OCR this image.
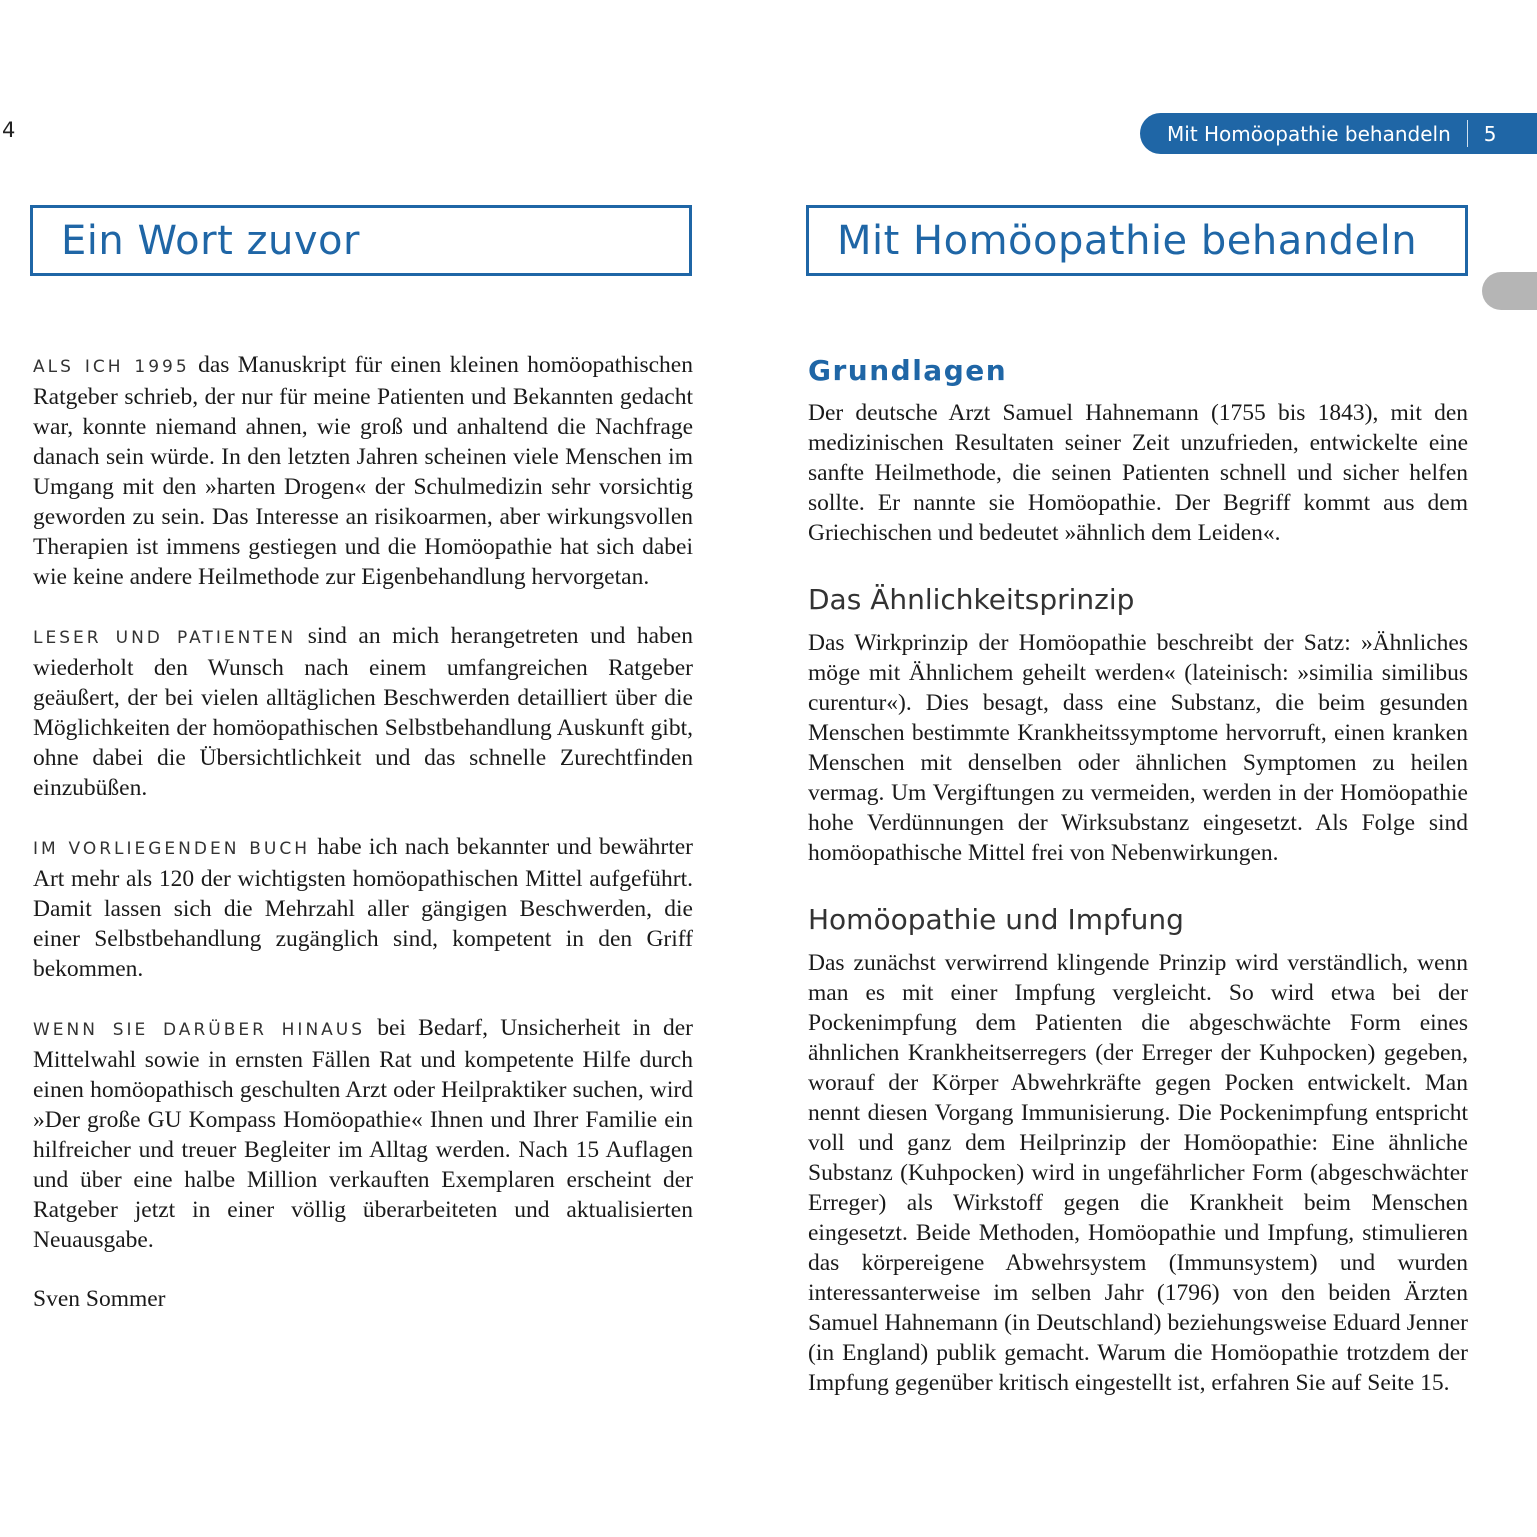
4
Ein Wort zuvor

ALS ICH 1995 das Manuskript für einen kleinen homöopathischen Ratgeber schrieb, der nur für meine Patienten und Bekannten gedacht war, konnte niemand ahnen, wie groß und anhaltend die Nachfrage danach sein würde. In den letzten Jahren scheinen viele Menschen im Umgang mit den »harten Drogen« der Schulmedizin sehr vorsichtig geworden zu sein. Das Interesse an risikoarmen, aber wirkungsvollen Therapien ist immens gestiegen und die Homöopathie hat sich dabei wie keine andere Heilmethode zur Eigenbehandlung hervorgetan.

LESER UND PATIENTEN sind an mich herangetreten und haben wiederholt den Wunsch nach einem umfangreichen Ratgeber geäußert, der bei vielen alltäglichen Beschwerden detailliert über die Möglichkeiten der homöopathischen Selbstbehandlung Auskunft gibt, ohne dabei die Übersichtlichkeit und das schnelle Zurechtfinden einzubüßen.

IM VORLIEGENDEN BUCH habe ich nach bekannter und bewährter Art mehr als 120 der wichtigsten homöopathischen Mittel aufgeführt. Damit lassen sich die Mehrzahl aller gängigen Beschwerden, die einer Selbstbehandlung zugänglich sind, kompetent in den Griff bekommen.

WENN SIE DARÜBER HINAUS bei Bedarf, Unsicherheit in der Mittelwahl sowie in ernsten Fällen Rat und kompetente Hilfe durch einen homöopathisch geschulten Arzt oder Heilpraktiker suchen, wird »Der große GU Kompass Homöopathie« Ihnen und Ihrer Familie ein hilfreicher und treuer Begleiter im Alltag werden. Nach 15 Auflagen und über eine halbe Million verkauften Exemplaren erscheint der Ratgeber jetzt in einer völlig überarbeiteten und aktualisierten Neuausgabe.

Sven Sommer

Mit Homöopathie behandeln 5
Mit Homöopathie behandeln
Grundlagen

Der deutsche Arzt Samuel Hahnemann (1755 bis 1843), mit den medizinischen Resultaten seiner Zeit unzufrieden, entwickelte eine sanfte Heilmethode, die seinen Patienten schnell und sicher helfen sollte. Er nannte sie Homöopathie. Der Begriff kommt aus dem Griechischen und bedeutet »ähnlich dem Leiden«.

Das Ähnlichkeitsprinzip

Das Wirkprinzip der Homöopathie beschreibt der Satz: »Ähnliches möge mit Ähnlichem geheilt werden« (lateinisch: »similia similibus curentur«). Dies besagt, dass eine Substanz, die beim gesunden Menschen bestimmte Krankheitssymptome hervorruft, einen kranken Menschen mit denselben oder ähnlichen Symptomen zu heilen vermag. Um Vergiftungen zu vermeiden, werden in der Homöopathie hohe Verdünnungen der Wirksubstanz eingesetzt. Als Folge sind homöopathische Mittel frei von Nebenwirkungen.

Homöopathie und Impfung

Das zunächst verwirrend klingende Prinzip wird verständlich, wenn man es mit einer Impfung vergleicht. So wird etwa bei der Pockenimpfung dem Patienten die abgeschwächte Form eines ähnlichen Krankheitserregers (der Erreger der Kuhpocken) gegeben, worauf der Körper Abwehrkräfte gegen Pocken entwickelt. Man nennt diesen Vorgang Immunisierung. Die Pockenimpfung entspricht voll und ganz dem Heilprinzip der Homöopathie: Eine ähnliche Substanz (Kuhpocken) wird in ungefährlicher Form (abgeschwächter Erreger) als Wirkstoff gegen die Krankheit beim Menschen eingesetzt. Beide Methoden, Homöopathie und Impfung, stimulieren das körpereigene Abwehrsystem (Immunsystem) und wurden interessanterweise im selben Jahr (1796) von den beiden Ärzten Samuel Hahnemann (in Deutschland) beziehungsweise Eduard Jenner (in England) publik gemacht. Warum die Homöopathie trotzdem der Impfung gegenüber kritisch eingestellt ist, erfahren Sie auf Seite 15.
